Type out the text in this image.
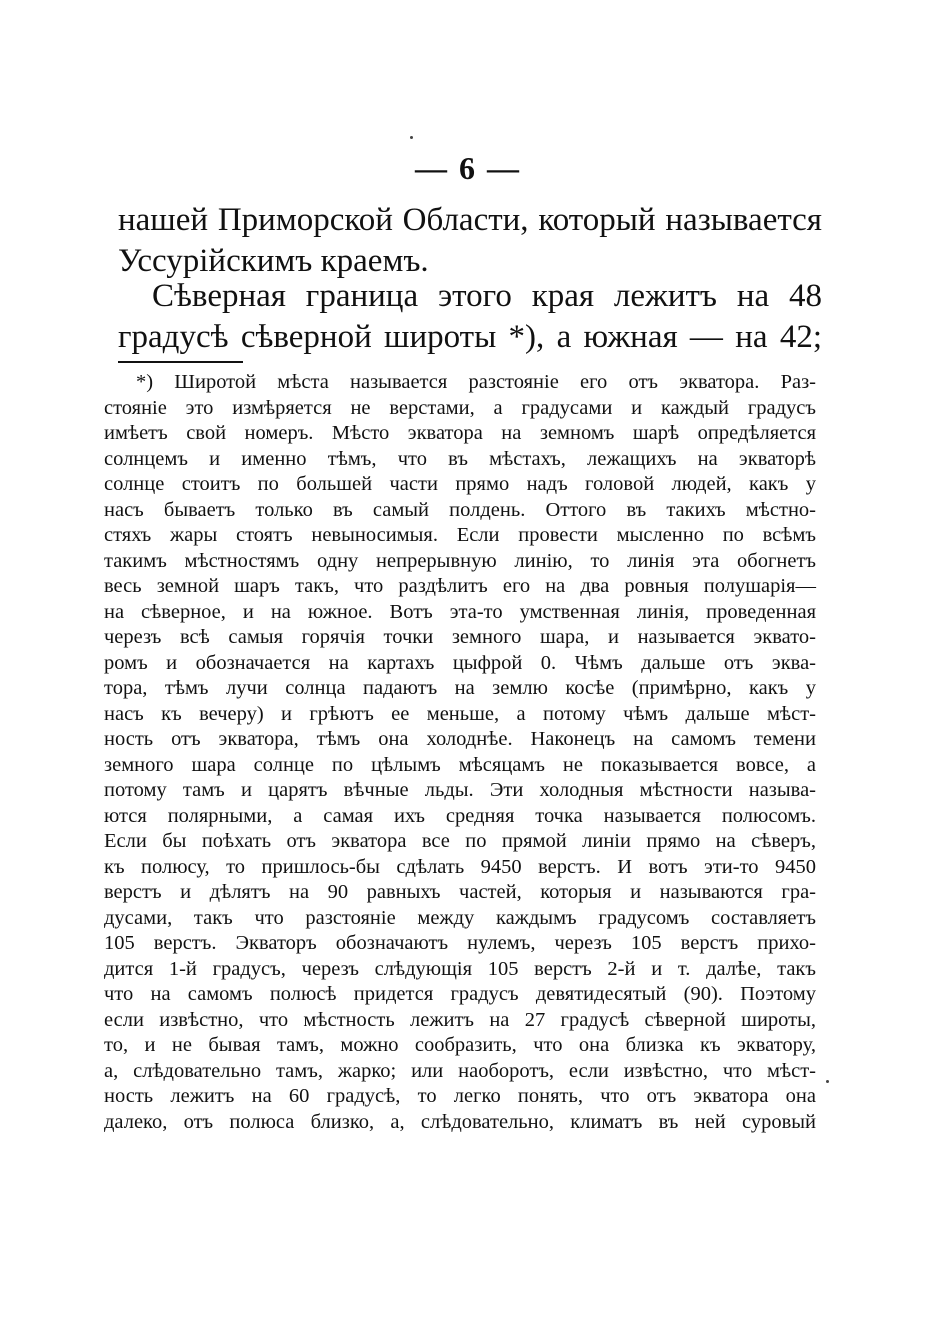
— 6 —
нашей Приморской Области, который называется
Уссурійскимъ краемъ.
Сѣверная граница этого края лежитъ на 48
градусѣ сѣверной широты *), а южная — на 42;
*) Широтой мѣста называется разстояніе его отъ экватора. Раз-
стояніе это измѣряется не верстами, а градусами и каждый градусъ
имѣетъ свой номеръ. Мѣсто экватора на земномъ шарѣ опредѣляется
солнцемъ и именно тѣмъ, что въ мѣстахъ, лежащихъ на экваторѣ
солнце стоитъ по большей части прямо надъ головой людей, какъ у
насъ бываетъ только въ самый полдень. Оттого въ такихъ мѣстно-
стяхъ жары стоятъ невыносимыя. Если провести мысленно по всѣмъ
такимъ мѣстностямъ одну непрерывную линію, то линія эта обогнетъ
весь земной шаръ такъ, что раздѣлитъ его на два ровныя полушарія—
на сѣверное, и на южное. Вотъ эта-то умственная линія, проведенная
черезъ всѣ самыя горячія точки земного шара, и называется эквато-
ромъ и обозначается на картахъ цыфрой 0. Чѣмъ дальше отъ эква-
тора, тѣмъ лучи солнца падаютъ на землю косѣе (примѣрно, какъ у
насъ къ вечеру) и грѣютъ ее меньше, а потому чѣмъ дальше мѣст-
ность отъ экватора, тѣмъ она холоднѣе. Наконецъ на самомъ темени
земного шара солнце по цѣлымъ мѣсяцамъ не показывается вовсе, а
потому тамъ и царятъ вѣчные льды. Эти холодныя мѣстности называ-
ются полярными, а самая ихъ средняя точка называется полюсомъ.
Если бы поѣхать отъ экватора все по прямой линіи прямо на сѣверъ,
къ полюсу, то пришлось-бы сдѣлать 9450 верстъ. И вотъ эти-то 9450
верстъ и дѣлятъ на 90 равныхъ частей, которыя и называются гра-
дусами, такъ что разстояніе между каждымъ градусомъ составляетъ
105 верстъ. Экваторъ обозначаютъ нулемъ, черезъ 105 верстъ прихо-
дится 1-й градусъ, черезъ слѣдующія 105 верстъ 2-й и т. далѣе, такъ
что на самомъ полюсѣ придется градусъ девятидесятый (90). Поэтому
если извѣстно, что мѣстность лежитъ на 27 градусѣ сѣверной широты,
то, и не бывая тамъ, можно сообразить, что она близка къ экватору,
а, слѣдовательно тамъ, жарко; или наоборотъ, если извѣстно, что мѣст-
ность лежитъ на 60 градусѣ, то легко понять, что отъ экватора она
далеко, отъ полюса близко, а, слѣдовательно, климатъ въ ней суровый
